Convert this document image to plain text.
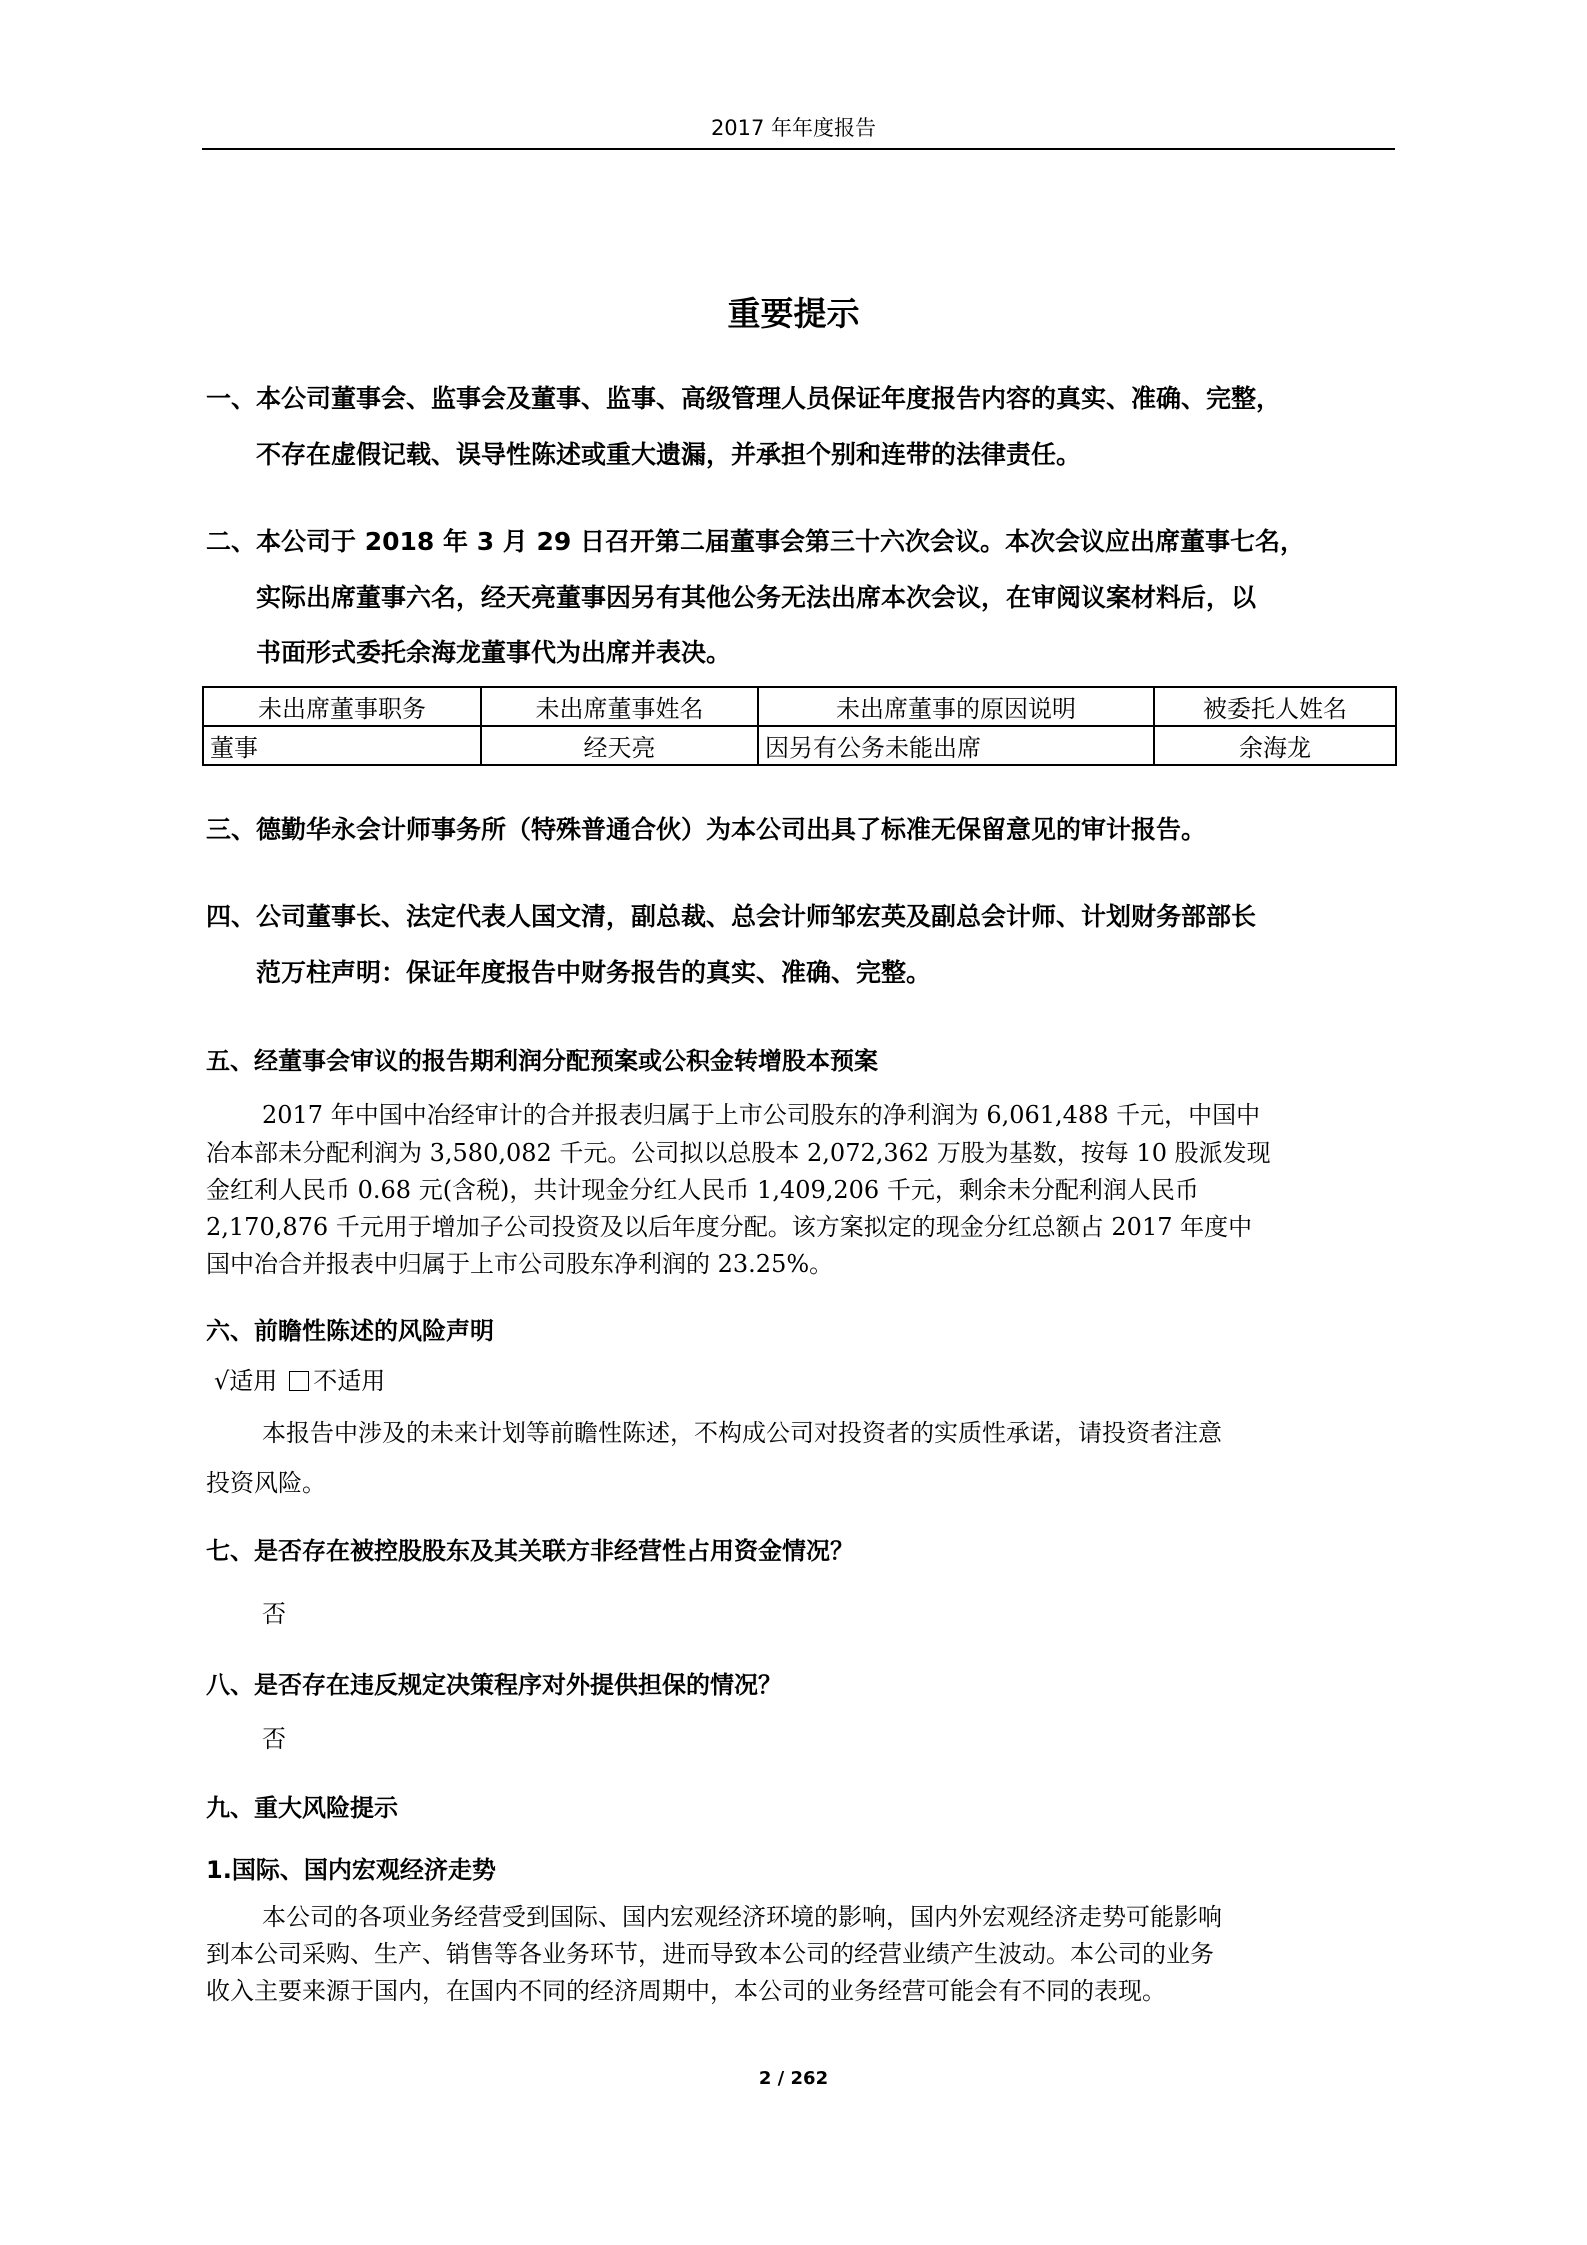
2017 年年度报告
重要提示
一、本公司董事会、监事会及董事、监事、高级管理人员保证年度报告内容的真实、准确、完整，
不存在虚假记载、误导性陈述或重大遗漏，并承担个别和连带的法律责任。
二、本公司于 2018 年 3 月 29 日召开第二届董事会第三十六次会议。本次会议应出席董事七名，
实际出席董事六名，经天亮董事因另有其他公务无法出席本次会议，在审阅议案材料后，以
书面形式委托余海龙董事代为出席并表决。
未出席董事职务	未出席董事姓名	未出席董事的原因说明	被委托人姓名
董事	经天亮	因另有公务未能出席	余海龙
三、德勤华永会计师事务所（特殊普通合伙）为本公司出具了标准无保留意见的审计报告。
四、公司董事长、法定代表人国文清，副总裁、总会计师邹宏英及副总会计师、计划财务部部长
范万柱声明：保证年度报告中财务报告的真实、准确、完整。
五、经董事会审议的报告期利润分配预案或公积金转增股本预案
2017 年中国中冶经审计的合并报表归属于上市公司股东的净利润为 6,061,488 千元，中国中
冶本部未分配利润为 3,580,082 千元。公司拟以总股本 2,072,362 万股为基数，按每 10 股派发现
金红利人民币 0.68 元(含税)，共计现金分红人民币 1,409,206 千元，剩余未分配利润人民币
2,170,876 千元用于增加子公司投资及以后年度分配。该方案拟定的现金分红总额占 2017 年度中
国中冶合并报表中归属于上市公司股东净利润的 23.25%。
六、前瞻性陈述的风险声明
√适用 不适用
本报告中涉及的未来计划等前瞻性陈述，不构成公司对投资者的实质性承诺，请投资者注意
投资风险。
七、是否存在被控股股东及其关联方非经营性占用资金情况？
否
八、是否存在违反规定决策程序对外提供担保的情况？
否
九、重大风险提示
1.国际、国内宏观经济走势
本公司的各项业务经营受到国际、国内宏观经济环境的影响，国内外宏观经济走势可能影响
到本公司采购、生产、销售等各业务环节，进而导致本公司的经营业绩产生波动。本公司的业务
收入主要来源于国内，在国内不同的经济周期中，本公司的业务经营可能会有不同的表现。
2 / 262
